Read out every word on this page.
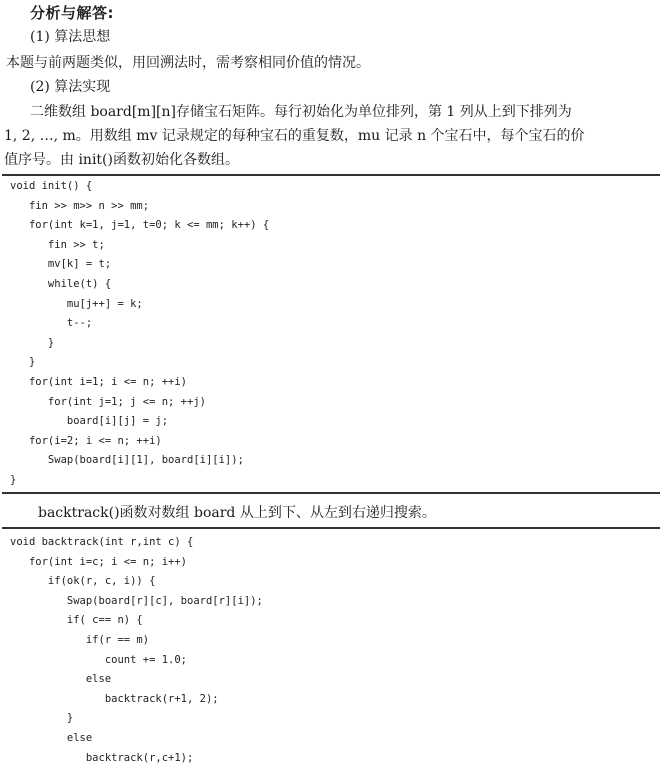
分析与解答:
(1) 算法思想
本题与前两题类似，用回溯法时，需考察相同价值的情况。
(2) 算法实现
二维数组 board[m][n]存储宝石矩阵。每行初始化为单位排列，第 1 列从上到下排列为
1, 2, …, m。用数组 mv 记录规定的每种宝石的重复数，mu 记录 n 个宝石中，每个宝石的价
值序号。由 init()函数初始化各数组。
void init() {
fin >> m>> n >> mm;
for(int k=1, j=1, t=0; k <= mm; k++) {
fin >> t;
mv[k] = t;
while(t) {
mu[j++] = k;
t--;
}
}
for(int i=1; i <= n; ++i)
for(int j=1; j <= n; ++j)
board[i][j] = j;
for(i=2; i <= n; ++i)
Swap(board[i][1], board[i][i]);
}
backtrack()函数对数组 board 从上到下、从左到右递归搜索。
void backtrack(int r,int c) {
for(int i=c; i <= n; i++)
if(ok(r, c, i)) {
Swap(board[r][c], board[r][i]);
if( c== n) {
if(r == m)
count += 1.0;
else
backtrack(r+1, 2);
}
else
backtrack(r,c+1);
